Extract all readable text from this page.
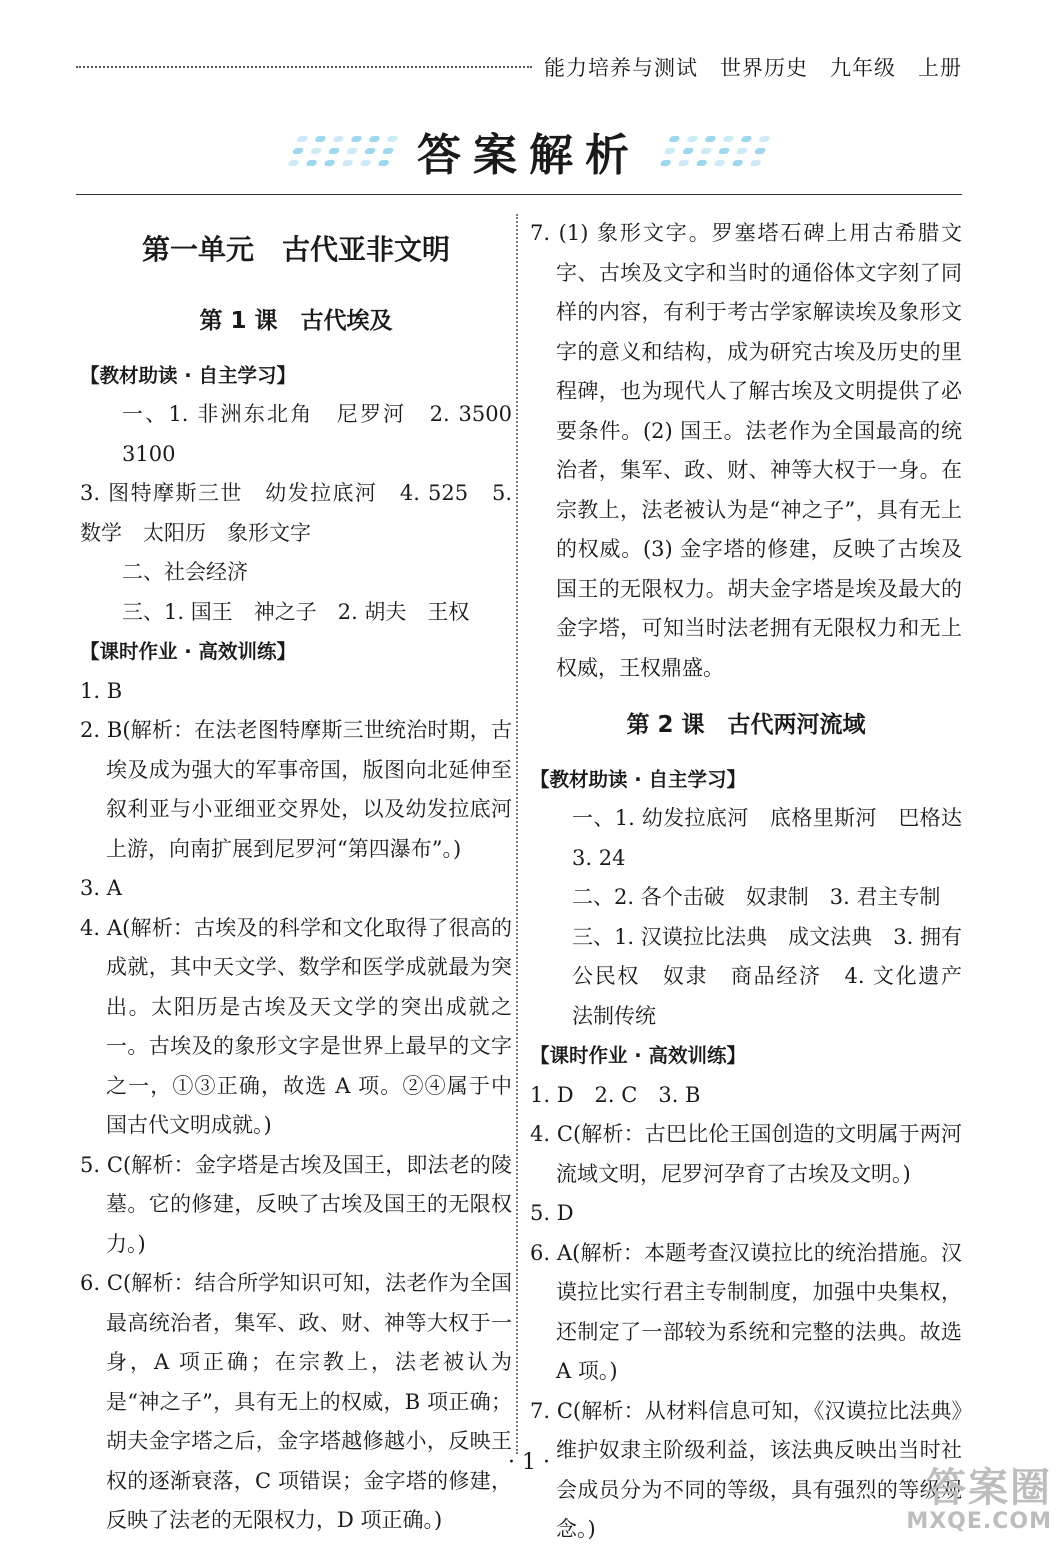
能力培养与测试　世界历史　九年级　上册
答案解析
第一单元　古代亚非文明
第 1 课　古代埃及
【教材助读 · 自主学习】

一、1. 非洲东北角　尼罗河　2. 3500　3100

3. 图特摩斯三世　幼发拉底河　4. 525　5. 数学　太阳历　象形文字

二、社会经济

三、1. 国王　神之子　2. 胡夫　王权

【课时作业 · 高效训练】

1. B

2. B(解析：在法老图特摩斯三世统治时期，古埃及成为强大的军事帝国，版图向北延伸至叙利亚与小亚细亚交界处，以及幼发拉底河上游，向南扩展到尼罗河“第四瀑布”。)

3. A

4. A(解析：古埃及的科学和文化取得了很高的成就，其中天文学、数学和医学成就最为突出。太阳历是古埃及天文学的突出成就之一。古埃及的象形文字是世界上最早的文字之一，①③正确，故选 A 项。②④属于中国古代文明成就。)

5. C(解析：金字塔是古埃及国王，即法老的陵墓。它的修建，反映了古埃及国王的无限权力。)

6. C(解析：结合所学知识可知，法老作为全国最高统治者，集军、政、财、神等大权于一身，A 项正确；在宗教上，法老被认为是“神之子”，具有无上的权威，B 项正确；胡夫金字塔之后，金字塔越修越小，反映王权的逐渐衰落，C 项错误；金字塔的修建，反映了法老的无限权力，D 项正确。)

7. (1) 象形文字。罗塞塔石碑上用古希腊文字、古埃及文字和当时的通俗体文字刻了同样的内容，有利于考古学家解读埃及象形文字的意义和结构，成为研究古埃及历史的里程碑，也为现代人了解古埃及文明提供了必要条件。(2) 国王。法老作为全国最高的统治者，集军、政、财、神等大权于一身。在宗教上，法老被认为是“神之子”，具有无上的权威。(3) 金字塔的修建，反映了古埃及国王的无限权力。胡夫金字塔是埃及最大的金字塔，可知当时法老拥有无限权力和无上权威，王权鼎盛。

第 2 课　古代两河流域
【教材助读 · 自主学习】

一、1. 幼发拉底河　底格里斯河　巴格达　3. 24

二、2. 各个击破　奴隶制　3. 君主专制

三、1. 汉谟拉比法典　成文法典　3. 拥有公民权　奴隶　商品经济　4. 文化遗产　法制传统

【课时作业 · 高效训练】

1. D　2. C　3. B

4. C(解析：古巴比伦王国创造的文明属于两河流域文明，尼罗河孕育了古埃及文明。)

5. D

6. A(解析：本题考查汉谟拉比的统治措施。汉谟拉比实行君主专制制度，加强中央集权，还制定了一部较为系统和完整的法典。故选 A 项。)

7. C(解析：从材料信息可知，《汉谟拉比法典》维护奴隶主阶级利益，该法典反映出当时社会成员分为不同的等级，具有强烈的等级观念。)

· 1 ·
答案圈
MXQE.COM
